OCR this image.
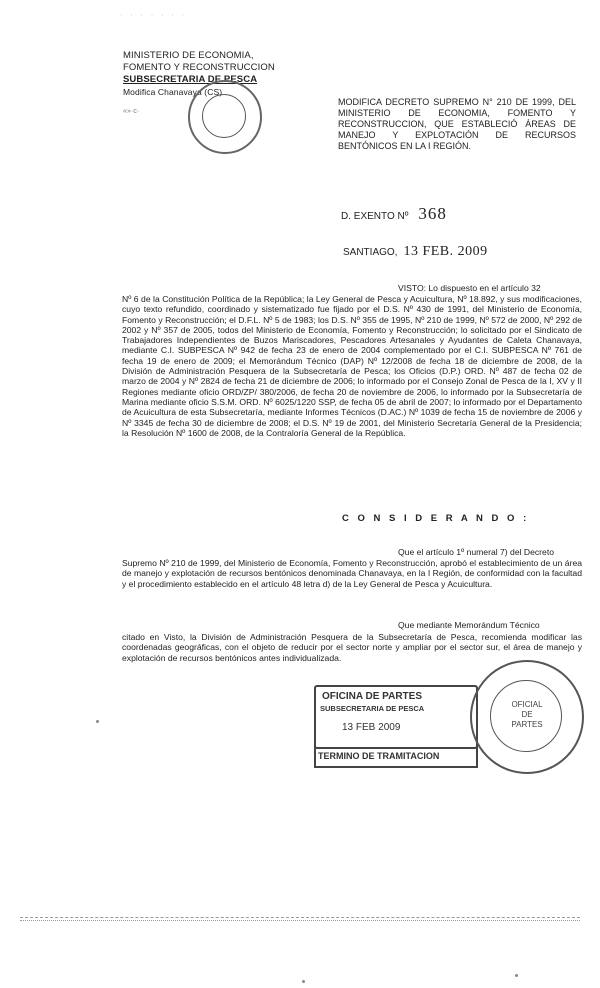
· · · · · · ·
MINISTERIO DE ECONOMIA,
FOMENTO Y RECONSTRUCCION
SUBSECRETARIA DE PESCA
Modifica Chanavaya (CS)
«»·c·
MODIFICA DECRETO SUPREMO N° 210 DE 1999, DEL MINISTERIO DE ECONOMIA, FOMENTO Y RECONSTRUCCION, QUE ESTABLECIÓ ÁREAS DE MANEJO Y EXPLOTACIÓN DE RECURSOS BENTÓNICOS EN LA I REGIÓN.
D. EXENTO Nº 368
SANTIAGO, 13 FEB. 2009
VISTO: Lo dispuesto en el artículo 32
Nº 6 de la Constitución Política de la República; la Ley General de Pesca y Acuicultura, Nº 18.892, y sus modificaciones, cuyo texto refundido, coordinado y sistematizado fue fijado por el D.S. Nº 430 de 1991, del Ministerio de Economía, Fomento y Reconstrucción; el D.F.L. Nº 5 de 1983; los D.S. Nº 355 de 1995, Nº 210 de 1999, Nº 572 de 2000, Nº 292 de 2002 y Nº 357 de 2005, todos del Ministerio de Economía, Fomento y Reconstrucción; lo solicitado por el Sindicato de Trabajadores Independientes de Buzos Mariscadores, Pescadores Artesanales y Ayudantes de Caleta Chanavaya, mediante C.I. SUBPESCA Nº 942 de fecha 23 de enero de 2004 complementado por el C.I. SUBPESCA Nº 761 de fecha 19 de enero de 2009; el Memorándum Técnico (DAP) Nº 12/2008 de fecha 18 de diciembre de 2008, de la División de Administración Pesquera de la Subsecretaría de Pesca; los Oficios (D.P.) ORD. Nº 487 de fecha 02 de marzo de 2004 y Nº 2824 de fecha 21 de diciembre de 2006; lo informado por el Consejo Zonal de Pesca de la I, XV y II Regiones mediante oficio ORD/ZP/ 380/2006, de fecha 20 de noviembre de 2006, lo informado por la Subsecretaría de Marina mediante oficio S.S.M. ORD. Nº 6025/1220 SSP, de fecha 05 de abril de 2007; lo informado por el Departamento de Acuicultura de esta Subsecretaría, mediante Informes Técnicos (D.AC.) Nº 1039 de fecha 15 de noviembre de 2006 y Nº 3345 de fecha 30 de diciembre de 2008; el D.S. Nº 19 de 2001, del Ministerio Secretaría General de la Presidencia; la Resolución Nº 1600 de 2008, de la Contraloría General de la República.
C O N S I D E R A N D O :
Que el artículo 1º numeral 7) del Decreto
Supremo Nº 210 de 1999, del Ministerio de Economía, Fomento y Reconstrucción, aprobó el establecimiento de un área de manejo y explotación de recursos bentónicos denominada Chanavaya, en la I Región, de conformidad con la facultad y el procedimiento establecido en el artículo 48 letra d) de la Ley General de Pesca y Acuicultura.
Que mediante Memorándum Técnico
citado en Visto, la División de Administración Pesquera de la Subsecretaría de Pesca, recomienda modificar las coordenadas geográficas, con el objeto de reducir por el sector norte y ampliar por el sector sur, el área de manejo y explotación de recursos bentónicos antes individualizada.
OFICINA DE PARTES
SUBSECRETARIA DE PESCA
13 FEB 2009
TERMINO DE TRAMITACION
OFICIAL
DE
PARTES
